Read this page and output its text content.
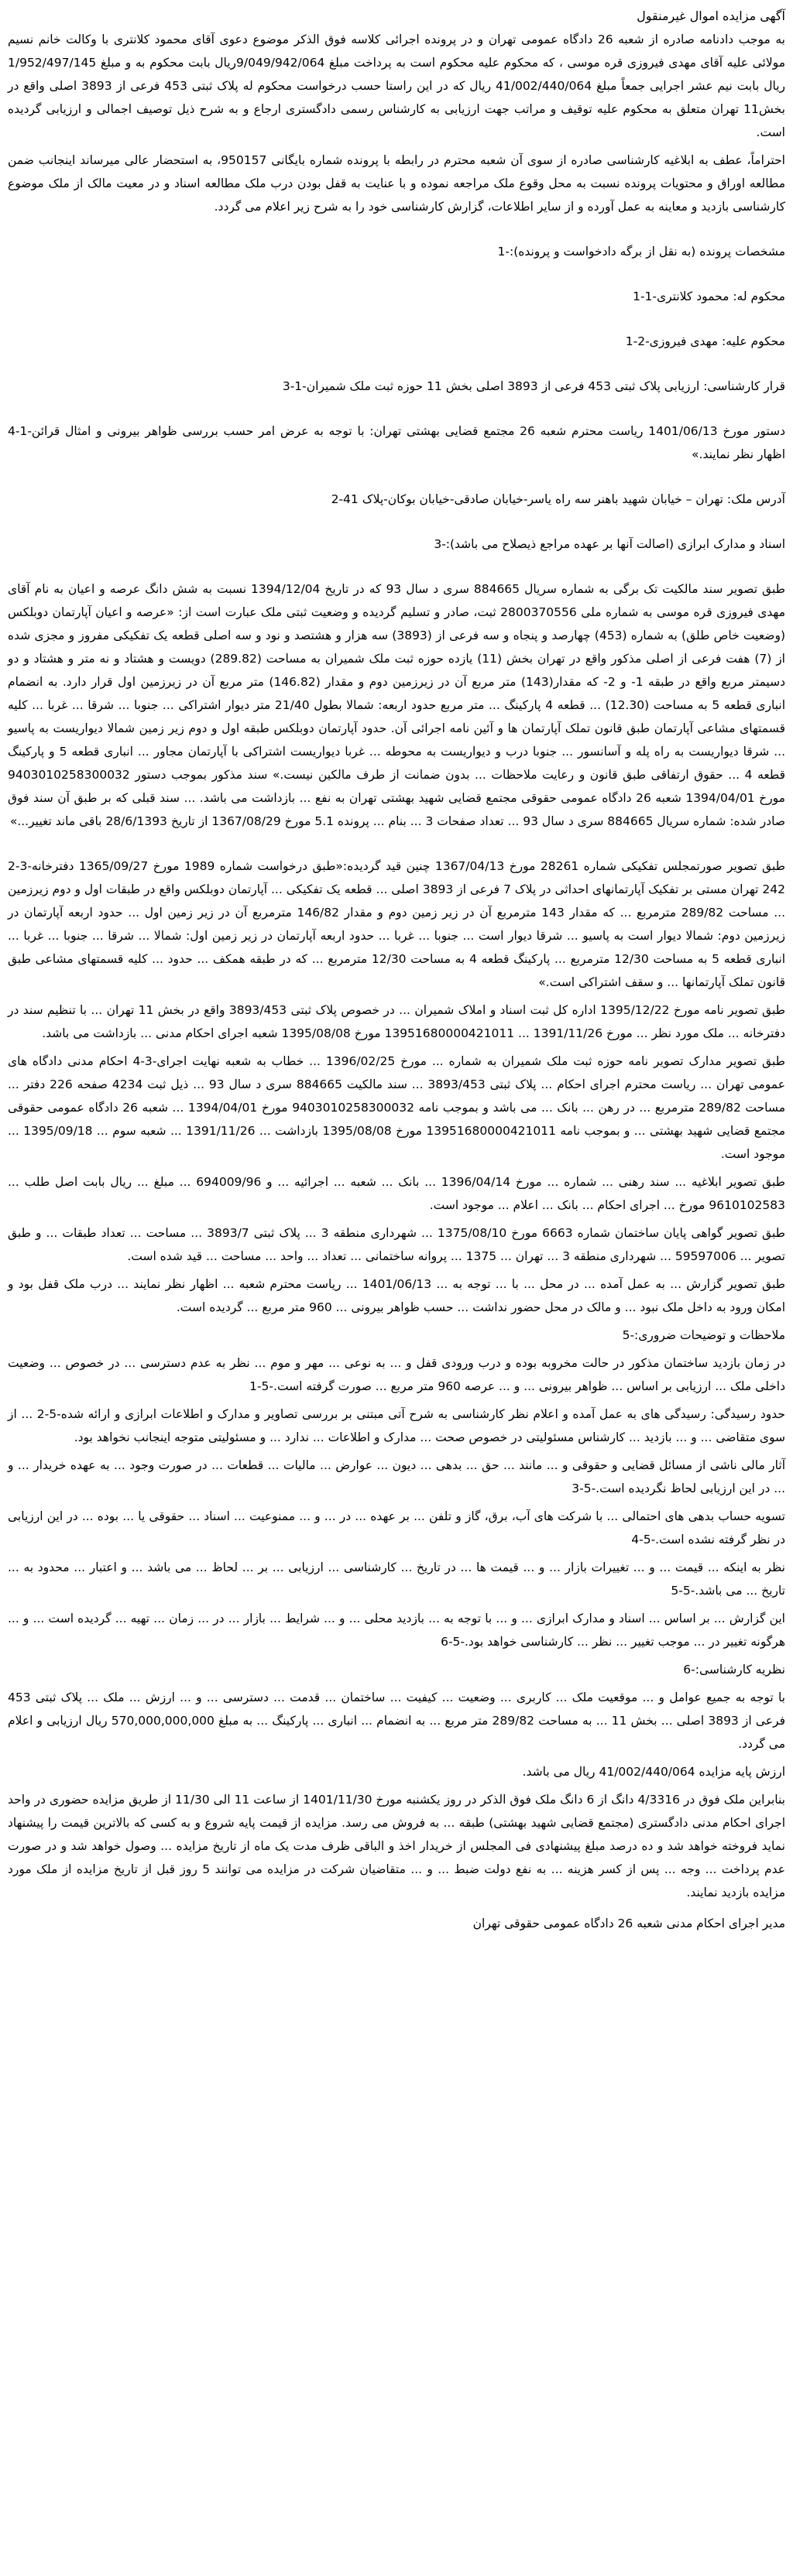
آگهی مزایده اموال غیرمنقول
به موجب دادنامه صادره از شعبه 26 دادگاه عمومی تهران و در پرونده اجرائی کلاسه فوق الذکر موضوع دعوی آقای محمود کلانتری با وکالت خانم نسیم مولائی علیه آقای مهدی فیروزی قره موسی ، که محکوم علیه محکوم است به پرداخت مبلغ 9/049/942/064ریال بابت محکوم به و مبلغ 1/952/497/145 ریال بابت نیم عشر اجرایی جمعاً مبلغ 41/002/440/064 ریال که در این راستا حسب درخواست محکوم له پلاک ثبتی 453 فرعی از 3893 اصلی واقع در بخش11 تهران متعلق به محکوم علیه توقیف و مراتب جهت ارزیابی به کارشناس رسمی دادگستری ارجاع و به شرح ذیل توصیف اجمالی و ارزیابی گردیده است.
احتراماً، عطف به ابلاغیه کارشناسی صادره از سوی آن شعبه محترم در رابطه با پرونده شماره بایگانی 950157، به استحضار عالی میرساند اینجانب ضمن مطالعه اوراق و محتویات پرونده نسبت به محل وقوع ملک مراجعه نموده و با عنایت به قفل بودن درب ملک مطالعه اسناد و در معیت مالک از ملک موضوع کارشناسی بازدید و معاینه به عمل آورده و از سایر اطلاعات، گزارش کارشناسی خود را به شرح زیر اعلام می گردد.
مشخصات پرونده (به نقل از برگه دادخواست و پرونده):-1
محکوم له: محمود کلانتری-1-1
محکوم علیه: مهدی فیروزی-2-1
قرار کارشناسی: ارزیابی پلاک ثبتی 453 فرعی از 3893 اصلی بخش 11 حوزه ثبت ملک شمیران-1-3
دستور مورخ 1401/06/13 ریاست محترم شعبه 26 مجتمع قضایی بهشتی تهران: با توجه به عرض امر حسب بررسی ظواهر بیرونی و امثال قرائن-1-4 اظهار نظر نمایند.»
آدرس ملک: تهران – خیابان شهید باهنر سه راه یاسر-خیابان صادقی-خیابان بوکان-پلاک 41-2
اسناد و مدارک ابرازی (اصالت آنها بر عهده مراجع ذیصلاح می باشد):-3
طبق تصویر سند مالکیت تک برگی به شماره سریال 884665 سری د سال 93 که در تاریخ 1394/12/04 نسبت به شش دانگ عرصه و اعیان به نام آقای مهدی فیروزی قره موسی به شماره ملی 2800370556 ثبت، صادر و تسلیم گردیده و وضعیت ثبتی ملک عبارت است از: «عرصه و اعیان آپارتمان دوبلکس (وضعیت خاص طلق) به شماره (453) چهارصد و پنجاه و سه فرعی از (3893) سه هزار و هشتصد و نود و سه اصلی قطعه یک تفکیکی مفروز و مجزی شده از (7) هفت فرعی از اصلی مذکور واقع در تهران بخش (11) یازده حوزه ثبت ملک شمیران به مساحت (289.82) دویست و هشتاد و نه متر و هشتاد و دو دسیمتر مربع واقع در طبقه 1- و 2- که مقدار(143) متر مربع آن در زیرزمین دوم و مقدار (146.82) متر مربع آن در زیرزمین اول قرار دارد. به انضمام انباری قطعه 5 به مساحت (12.30) ... قطعه 4 پارکینگ ... متر مربع حدود اربعه: شمالا بطول 21/40 متر دیوار اشتراکی ... جنوبا ... شرقا ... غربا ... کلیه قسمتهای مشاعی آپارتمان طبق قانون تملک آپارتمان ها و آئین نامه اجرائی آن. حدود آپارتمان دوبلکس طبقه اول و دوم زیر زمین شمالا دیواریست به پاسیو ... شرقا دیواریست به راه پله و آسانسور ... جنوبا درب و دیواریست به محوطه ... غربا دیواریست اشتراکی با آپارتمان مجاور ... انباری قطعه 5 و پارکینگ قطعه 4 ... حقوق ارتفاقی طبق قانون و رعایت ملاحظات ... بدون ضمانت از طرف مالکین نیست.» سند مذکور بموجب دستور 9403010258300032 مورخ 1394/04/01 شعبه 26 دادگاه عمومی حقوقی مجتمع قضایی شهید بهشتی تهران به نفع ... بازداشت می باشد. ... سند قبلی که بر طبق آن سند فوق صادر شده: شماره سریال 884665 سری د سال 93 ... تعداد صفحات 3 ... بنام ... پرونده 5.1 مورخ 1367/08/29 از تاریخ 28/6/1393 باقی ماند تغییر...»
طبق تصویر صورتمجلس تفکیکی شماره 28261 مورخ 1367/04/13 چنین قید گردیده:«طبق درخواست شماره 1989 مورخ 1365/09/27 دفترخانه-3-2 242 تهران مستی بر تفکیک آپارتمانهای احداثی در پلاک 7 فرعی از 3893 اصلی ... قطعه یک تفکیکی ... آپارتمان دوبلکس واقع در طبقات اول و دوم زیرزمین ... مساحت 289/82 مترمربع ... که مقدار 143 مترمربع آن در زیر زمین دوم و مقدار 146/82 مترمربع آن در زیر زمین اول ... حدود اربعه آپارتمان در زیرزمین دوم: شمالا دیوار است به پاسیو ... شرقا دیوار است ... جنوبا ... غربا ... حدود اربعه آپارتمان در زیر زمین اول: شمالا ... شرقا ... جنوبا ... غربا ... انباری قطعه 5 به مساحت 12/30 مترمربع ... پارکینگ قطعه 4 به مساحت 12/30 مترمربع ... که در طبقه همکف ... حدود ... کلیه قسمتهای مشاعی طبق قانون تملک آپارتمانها ... و سقف اشتراکی است.»
طبق تصویر نامه مورخ 1395/12/22 اداره کل ثبت اسناد و املاک شمیران ... در خصوص پلاک ثبتی 3893/453 واقع در بخش 11 تهران ... با تنظیم سند در دفترخانه ... ملک مورد نظر ... مورخ 1391/11/26 ... 13951680000421011 مورخ 1395/08/08 شعبه اجرای احکام مدنی ... بازداشت می باشد.
طبق تصویر مدارک تصویر نامه حوزه ثبت ملک شمیران به شماره ... مورخ 1396/02/25 ... خطاب به شعبه نهایت اجرای-3-4 احکام مدنی دادگاه های عمومی تهران ... ریاست محترم اجرای احکام ... پلاک ثبتی 3893/453 ... سند مالکیت 884665 سری د سال 93 ... ذیل ثبت 4234 صفحه 226 دفتر ... مساحت 289/82 مترمربع ... در رهن ... بانک ... می باشد و بموجب نامه 9403010258300032 مورخ 1394/04/01 ... شعبه 26 دادگاه عمومی حقوقی مجتمع قضایی شهید بهشتی ... و بموجب نامه 13951680000421011 مورخ 1395/08/08 بازداشت ... 1391/11/26 ... شعبه سوم ... 1395/09/18 ... موجود است.
طبق تصویر ابلاغیه ... سند رهنی ... شماره ... مورخ 1396/04/14 ... بانک ... شعبه ... اجرائیه ... و 694009/96 ... مبلغ ... ریال بابت اصل طلب ... 9610102583 مورخ ... اجرای احکام ... بانک ... اعلام ... موجود است.
طبق تصویر گواهی پایان ساختمان شماره 6663 مورخ 1375/08/10 ... شهرداری منطقه 3 ... پلاک ثبتی 3893/7 ... مساحت ... تعداد طبقات ... و طبق تصویر ... 59597006 ... شهرداری منطقه 3 ... تهران ... 1375 ... پروانه ساختمانی ... تعداد ... واحد ... مساحت ... قید شده است.
طبق تصویر گزارش ... به عمل آمده ... در محل ... با ... توجه به ... 1401/06/13 ... ریاست محترم شعبه ... اظهار نظر نمایند ... درب ملک قفل بود و امکان ورود به داخل ملک نبود ... و مالک در محل حضور نداشت ... حسب ظواهر بیرونی ... 960 متر مربع ... گردیده است.
ملاحظات و توضیحات ضروری:-5
در زمان بازدید ساختمان مذکور در حالت مخروبه بوده و درب ورودی قفل و ... به نوعی ... مهر و موم ... نظر به عدم دسترسی ... در خصوص ... وضعیت داخلی ملک ... ارزیابی بر اساس ... ظواهر بیرونی ... و ... عرصه 960 متر مربع ... صورت گرفته است.-5-1
حدود رسیدگی: رسیدگی های به عمل آمده و اعلام نظر کارشناسی به شرح آتی مبتنی بر بررسی تصاویر و مدارک و اطلاعات ابرازی و ارائه شده-5-2 ... از سوی متقاضی ... و ... بازدید ... کارشناس مسئولیتی در خصوص صحت ... مدارک و اطلاعات ... ندارد ... و مسئولیتی متوجه اینجانب نخواهد بود.
آثار مالی ناشی از مسائل قضایی و حقوقی و ... مانند ... حق ... بدهی ... دیون ... عوارض ... مالیات ... قطعات ... در صورت وجود ... به عهده خریدار ... و ... در این ارزیابی لحاظ نگردیده است.-5-3
تسویه حساب بدهی های احتمالی ... با شرکت های آب، برق، گاز و تلفن ... بر عهده ... در ... و ... ممنوعیت ... اسناد ... حقوقی یا ... بوده ... در این ارزیابی در نظر گرفته نشده است.-5-4
نظر به اینکه ... قیمت ... و ... تغییرات بازار ... و ... قیمت ها ... در تاریخ ... کارشناسی ... ارزیابی ... بر ... لحاظ ... می باشد ... و اعتبار ... محدود به ... تاریخ ... می باشد.-5-5
این گزارش ... بر اساس ... اسناد و مدارک ابرازی ... و ... با توجه به ... بازدید محلی ... و ... شرایط ... بازار ... در ... زمان ... تهیه ... گردیده است ... و ... هرگونه تغییر در ... موجب تغییر ... نظر ... کارشناسی خواهد بود.-5-6
نظریه کارشناسی:-6
با توجه به جمیع عوامل و ... موقعیت ملک ... کاربری ... وضعیت ... کیفیت ... ساختمان ... قدمت ... دسترسی ... و ... ارزش ... ملک ... پلاک ثبتی 453 فرعی از 3893 اصلی ... بخش 11 ... به مساحت 289/82 متر مربع ... به انضمام ... انباری ... پارکینگ ... به مبلغ 570,000,000,000 ریال ارزیابی و اعلام می گردد.
ارزش پایه مزایده 41/002/440/064 ریال می باشد.
بنابراین ملک فوق در 4/3316 دانگ از 6 دانگ ملک فوق الذکر در روز یکشنبه مورخ 1401/11/30 از ساعت 11 الی 11/30 از طریق مزایده حضوری در واحد اجرای احکام مدنی دادگستری (مجتمع قضایی شهید بهشتی) طبقه ... به فروش می رسد. مزایده از قیمت پایه شروع و به کسی که بالاترین قیمت را پیشنهاد نماید فروخته خواهد شد و ده درصد مبلغ پیشنهادی فی المجلس از خریدار اخذ و الباقی ظرف مدت یک ماه از تاریخ مزایده ... وصول خواهد شد و در صورت عدم پرداخت ... وجه ... پس از کسر هزینه ... به نفع دولت ضبط ... و ... متقاضیان شرکت در مزایده می توانند 5 روز قبل از تاریخ مزایده از ملک مورد مزایده بازدید نمایند.
مدیر اجرای احکام مدنی شعبه 26 دادگاه عمومی حقوقی تهران
